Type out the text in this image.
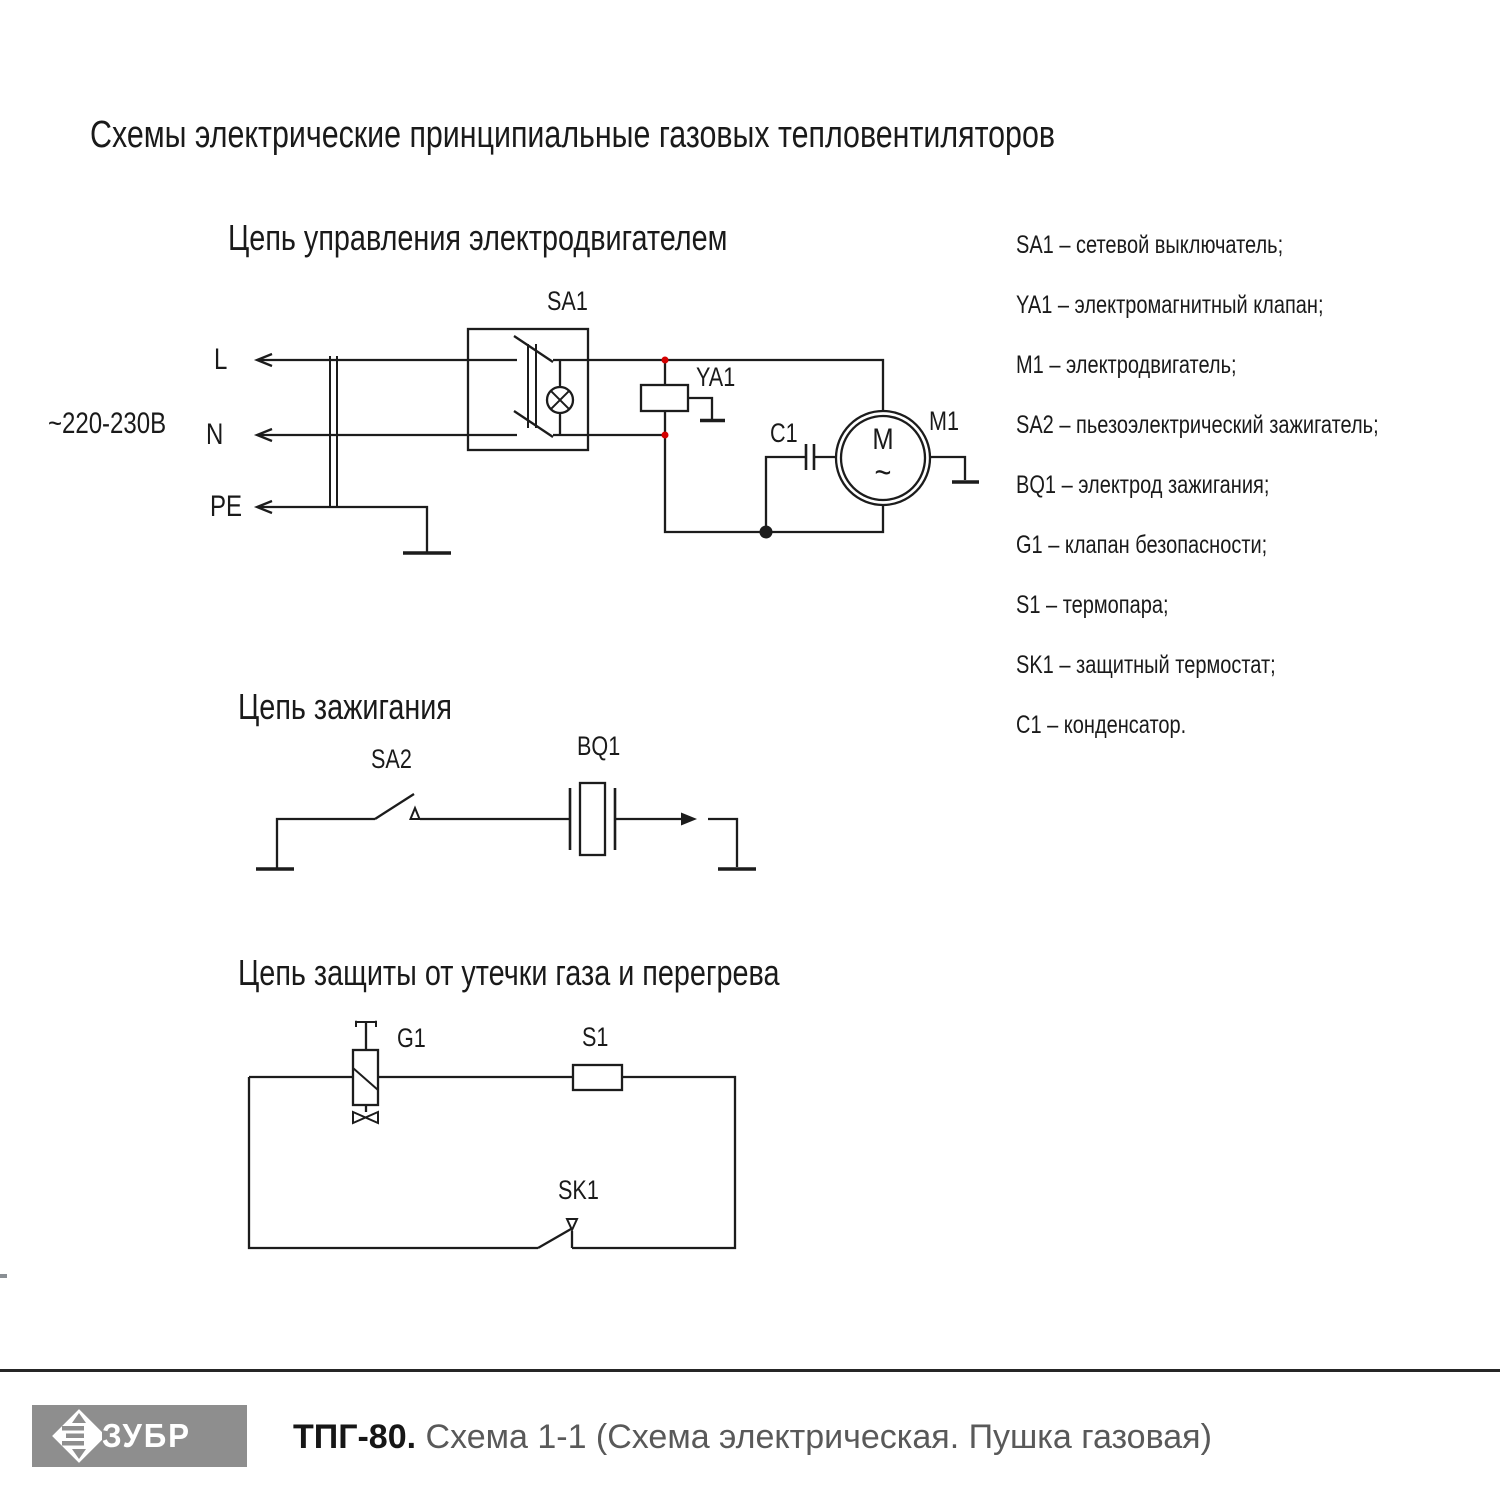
Схемы электрические принципиальные газовых тепловентиляторов
Цепь управления электродвигателем
~220-230В
L
N
PE
SA1
YA1
C1	M1
M
~
Цепь зажигания
SA2	BQ1
Цепь защиты от утечки газа и перегрева
G1	S1
SK1
SA1 – сетевой выключатель;
YA1 – электромагнитный клапан;
M1 – электродвигатель;
SA2 – пьезоэлектрический зажигатель;
BQ1 – электрод зажигания;
G1 – клапан безопасности;
S1 – термопара;
SK1 – защитный термостат;
C1 – конденсатор.
ЗУБР	ТПГ-80. Схема 1-1 (Схема электрическая. Пушка газовая)
